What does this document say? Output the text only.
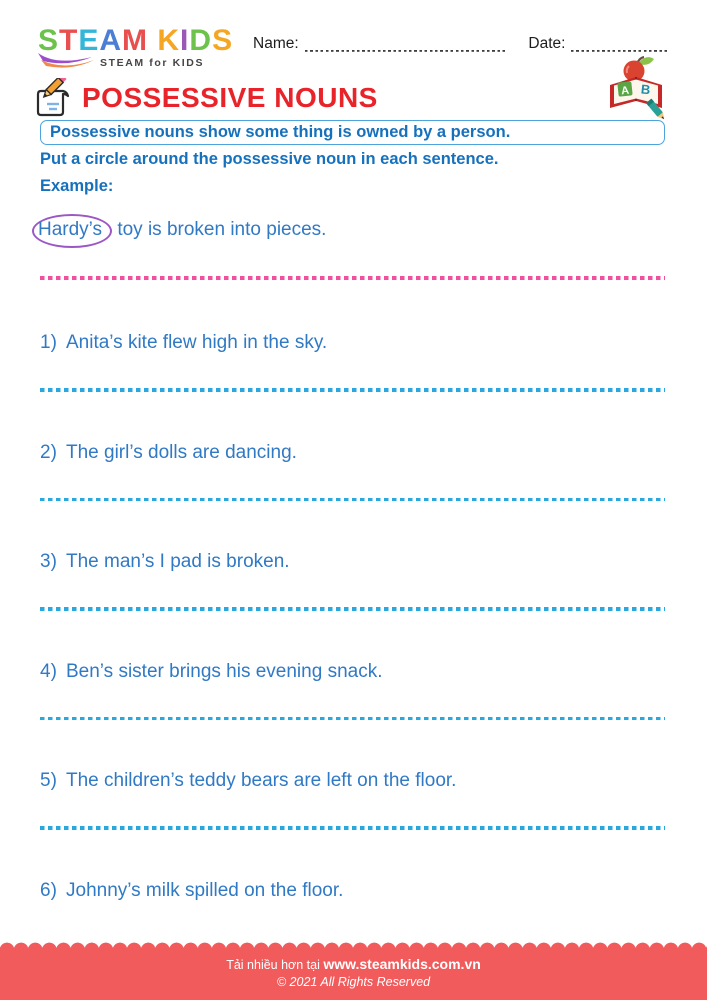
STEAM KIDS
STEAM for KIDS
Name:	Date:
POSSESSIVE NOUNS	A B
Possessive nouns show some thing is owned by a person.
Put a circle around the possessive noun in each sentence.
Example:
Hardy’s toy is broken into pieces.
1) Anita’s kite flew high in the sky.
2) The girl’s dolls are dancing.
3) The man’s I pad is broken.
4) Ben’s sister brings his evening snack.
5) The children’s teddy bears are left on the floor.
6) Johnny’s milk spilled on the floor.
Tải nhiều hơn tại www.steamkids.com.vn
© 2021 All Rights Reserved
